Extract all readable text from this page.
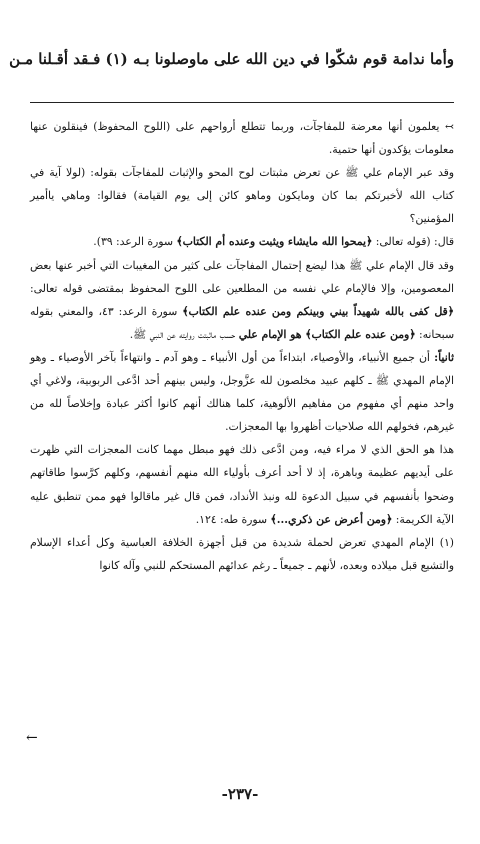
وأما ندامة قوم شكّوا في دين الله على ماوصلونا بـه (١) فـقد أقـلنا مـن

↢ يعلمون أنها معرضة للمفاجآت، وربما تتطلع أرواحهم على (اللوح المحفوظ) فينقلون عنها معلومات يؤكدون أنها حتمية.

وقد عبر الإمام علي ﷺ عن تعرض مثبتات لوح المحو والإثبات للمفاجآت بقوله: (لولا آية في كتاب الله لأخبرتكم بما كان ومايكون وماهو كائن إلى يوم القيامة) فقالوا: وماهي ياأمير المؤمنين؟

قال: (قوله تعالى: ﴿يمحوا الله مايشاء ويثبت وعنده أم الكتاب﴾ سورة الرعد: ٣٩).

وقد قال الإمام علي ﷺ هذا ليضع إحتمال المفاجآت على كثير من المغيبات التي أخبر عنها بعض المعصومين، وإلا فالإمام علي نفسه من المطلعين على اللوح المحفوظ بمقتضى قوله تعالى: ﴿قل كفى بالله شهيداً بيني وبينكم ومن عنده علم الكتاب﴾ سورة الرعد: ٤٣، والمعني بقوله سبحانه: ﴿ومن عنده علم الكتاب﴾ هو الإمام علي حسب ماثبتت روايته عن النبي ﷺ.

ثانياً: أن جميع الأنبياء، والأوصياء، ابتداءاً من أول الأنبياء ـ وهو آدم ـ وانتهاءاً بآخر الأوصياء ـ وهو الإمام المهدي ﷺ ـ كلهم عبيد مخلصون لله عزَّوجل، وليس بينهم أحد ادَّعى الربوبية، ولاغي أي واحد منهم أي مفهوم من مفاهيم الألوهية، كلما هنالك أنهم كانوا أكثر عبادة وإخلاصاً لله من غيرهم، فخولهم الله صلاحيات أظهروا بها المعجزات.

هذا هو الحق الذي لا مراء فيه، ومن ادَّعى ذلك فهو مبطل مهما كانت المعجزات التي ظهرت على أيديهم عظيمة وباهرة، إذ لا أحد أعرف بأولياء الله منهم أنفسهم، وكلهم كرَّسوا طاقاتهم وضحوا بأنفسهم في سبيل الدعوة لله ونبذ الأنداد، فمن قال غير ماقالوا فهو ممن تنطبق عليه الآية الكريمة: ﴿ومن أعرض عن ذكري...﴾ سورة طه: ١٢٤.

(١) الإمام المهدي تعرض لحملة شديدة من قبل أجهزة الخلافة العباسية وكل أعداء الإسلام والتشيع قبل ميلاده وبعده، لأنهم ـ جميعاً ـ رغم عدائهم المستحكم للنبي وآله كانوا

←
-٢٣٧-
